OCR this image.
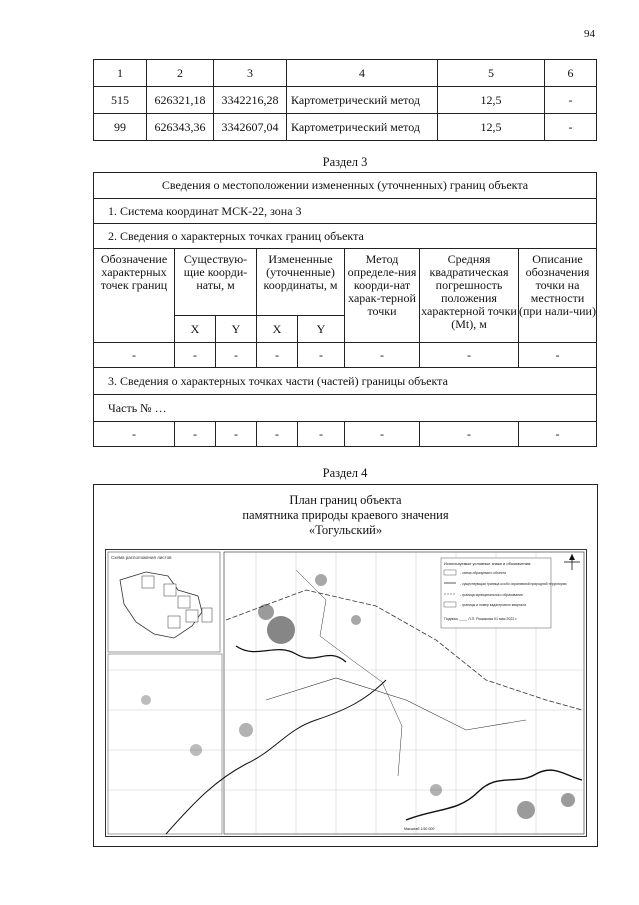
94
1	2	3	4	5	6
515	626321,18	3342216,28	Картометрический метод	12,5	-
99	626343,36	3342607,04	Картометрический метод	12,5	-
Раздел 3
Сведения о местоположении измененных (уточненных) границ объекта							
1. Система координат МСК-22, зона 3							
2. Сведения о характерных точках границ объекта							
Обозначение характерных точек границ	Существую-щие коорди-наты, м		Измененные (уточненные) координаты, м		Метод определе-ния коорди-нат харак-терной точки	Средняя квадратическая погрешность положения характерной точки (Mt), м	Описание обозначения точки на местности (при нали-чии)
	X	Y	X	Y			
-	-	-	-	-	-	-	-
3. Сведения о характерных точках части (частей) границы объекта							
Часть № …							
-	-	-	-	-	-	-	-
Раздел 4
План границ объекта
памятника природы краевого значения
«Тогульский»
Схема расположения листов
Используемые условные знаки и обозначения:
- схема образуемого объекта
- существующая граница особо охраняемой природной территории
- граница муниципального образования
- границы и номер кадастрового квартала
Подпись ____ Л.П. Рыжакова 01 мая 2022 г.
Масштаб 1:50 000
